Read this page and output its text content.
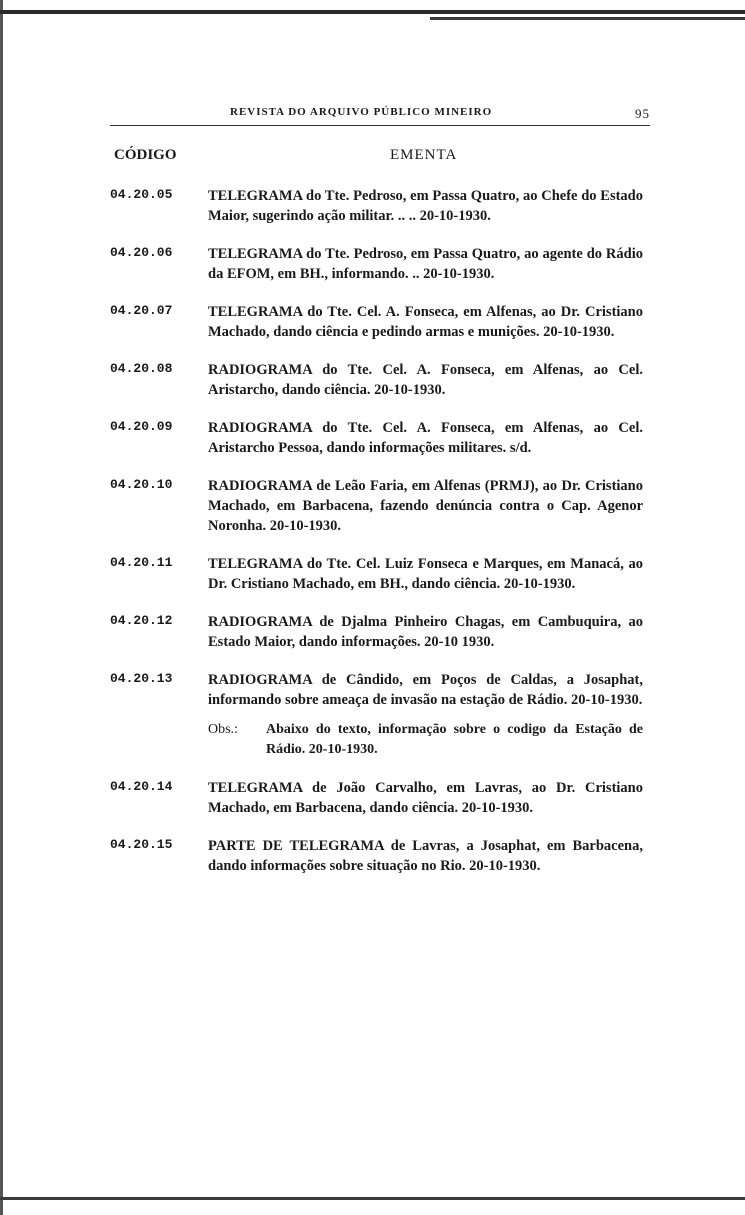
REVISTA DO ARQUIVO PÚBLICO MINEIRO	95
CÓDIGO	EMENTA
04.20.05	TELEGRAMA do Tte. Pedroso, em Passa Quatro, ao Chefe do Estado Maior, sugerindo ação militar. .. .. 20-10-1930.
04.20.06	TELEGRAMA do Tte. Pedroso, em Passa Quatro, ao agente do Rádio da EFOM, em BH., informando. .. 20-10-1930.
04.20.07	TELEGRAMA do Tte. Cel. A. Fonseca, em Alfenas, ao Dr. Cristiano Machado, dando ciência e pedindo armas e munições. 20-10-1930.
04.20.08	RADIOGRAMA do Tte. Cel. A. Fonseca, em Alfenas, ao Cel. Aristarcho, dando ciência. 20-10-1930.
04.20.09	RADIOGRAMA do Tte. Cel. A. Fonseca, em Alfenas, ao Cel. Aristarcho Pessoa, dando informações militares. s/d.
04.20.10	RADIOGRAMA de Leão Faria, em Alfenas (PRMJ), ao Dr. Cristiano Machado, em Barbacena, fazendo denúncia contra o Cap. Agenor Noronha. 20-10-1930.
04.20.11	TELEGRAMA do Tte. Cel. Luiz Fonseca e Marques, em Manacá, ao Dr. Cristiano Machado, em BH., dando ciência. 20-10-1930.
04.20.12	RADIOGRAMA de Djalma Pinheiro Chagas, em Cambuquira, ao Estado Maior, dando informações. 20-10 1930.
04.20.13	RADIOGRAMA de Cândido, em Poços de Caldas, a Josaphat, informando sobre ameaça de invasão na estação de Rádio. 20-10-1930.
Obs.:	Abaixo do texto, informação sobre o codigo da Estação de Rádio. 20-10-1930.
04.20.14	TELEGRAMA de João Carvalho, em Lavras, ao Dr. Cristiano Machado, em Barbacena, dando ciência. 20-10-1930.
04.20.15	PARTE DE TELEGRAMA de Lavras, a Josaphat, em Barbacena, dando informações sobre situação no Rio. 20-10-1930.
